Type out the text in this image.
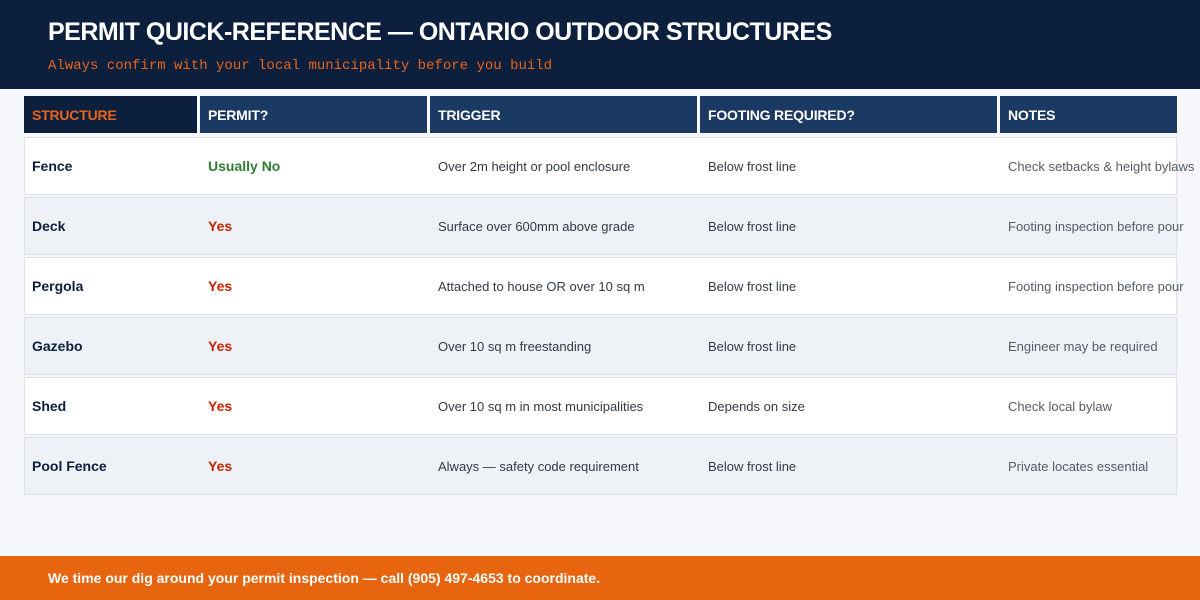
PERMIT QUICK-REFERENCE — ONTARIO OUTDOOR STRUCTURES
Always confirm with your local municipality before you build
STRUCTURE	PERMIT?	TRIGGER	FOOTING REQUIRED?	NOTES
Fence	Usually No	Over 2m height or pool enclosure	Below frost line	Check setbacks & height bylaws
Deck	Yes	Surface over 600mm above grade	Below frost line	Footing inspection before pour
Pergola	Yes	Attached to house OR over 10 sq m	Below frost line	Footing inspection before pour
Gazebo	Yes	Over 10 sq m freestanding	Below frost line	Engineer may be required
Shed	Yes	Over 10 sq m in most municipalities	Depends on size	Check local bylaw
Pool Fence	Yes	Always — safety code requirement	Below frost line	Private locates essential
We time our dig around your permit inspection — call (905) 497-4653 to coordinate.
